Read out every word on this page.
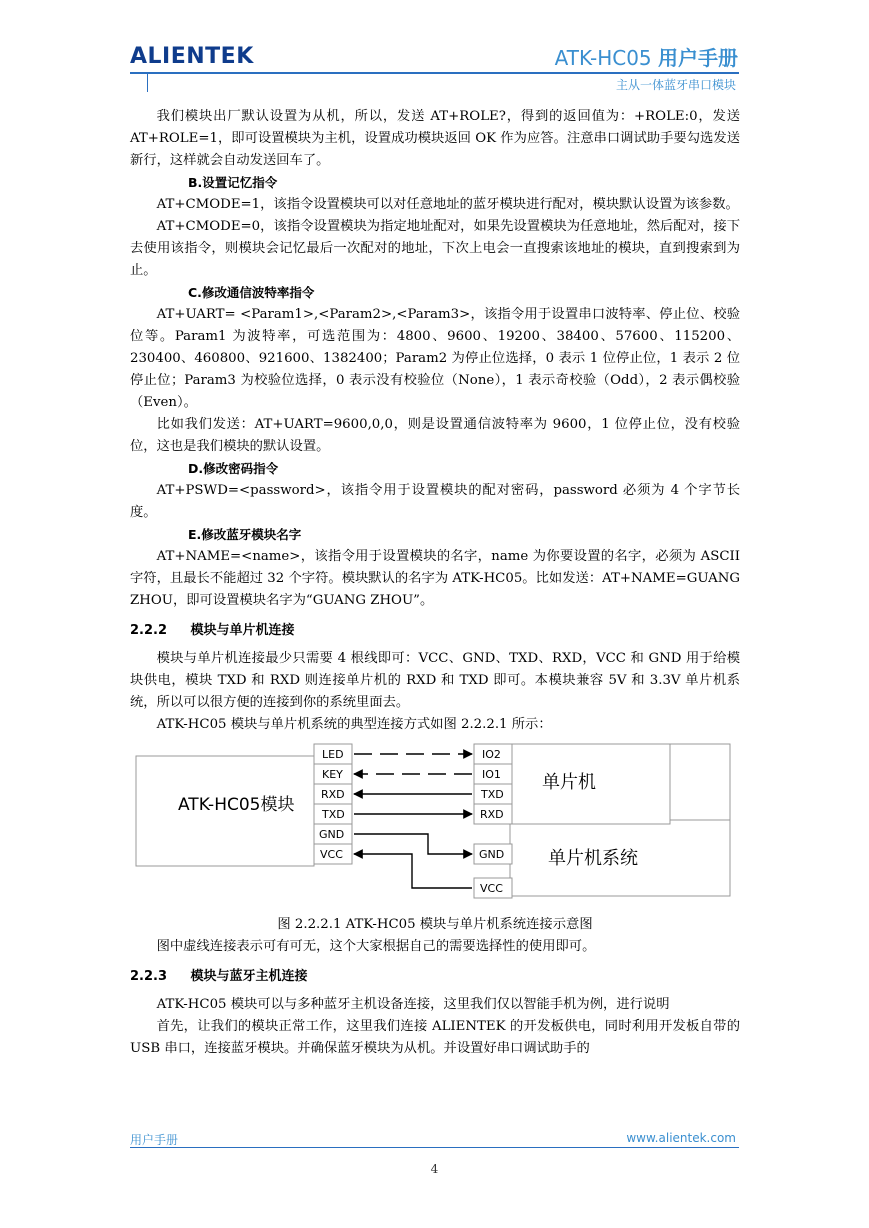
ALIENTEK	ATK-HC05 用户手册
主从一体蓝牙串口模块

我们模块出厂默认设置为从机，所以，发送 AT+ROLE?，得到的返回值为：+ROLE:0，发送 AT+ROLE=1，即可设置模块为主机，设置成功模块返回 OK 作为应答。注意串口调试助手要勾选发送新行，这样就会自动发送回车了。

B.设置记忆指令

AT+CMODE=1，该指令设置模块可以对任意地址的蓝牙模块进行配对，模块默认设置为该参数。

AT+CMODE=0，该指令设置模块为指定地址配对，如果先设置模块为任意地址，然后配对，接下去使用该指令，则模块会记忆最后一次配对的地址，下次上电会一直搜索该地址的模块，直到搜索到为止。

C.修改通信波特率指令

AT+UART= <Param1>,<Param2>,<Param3>，该指令用于设置串口波特率、停止位、校验位等。Param1 为波特率，可选范围为：4800、9600、19200、38400、57600、115200、230400、460800、921600、1382400；Param2 为停止位选择，0 表示 1 位停止位，1 表示 2 位停止位；Param3 为校验位选择，0 表示没有校验位（None），1 表示奇校验（Odd），2 表示偶校验（Even）。

比如我们发送：AT+UART=9600,0,0，则是设置通信波特率为 9600，1 位停止位，没有校验位，这也是我们模块的默认设置。

D.修改密码指令

AT+PSWD=<password>，该指令用于设置模块的配对密码，password 必须为 4 个字节长度。

E.修改蓝牙模块名字

AT+NAME=<name>，该指令用于设置模块的名字，name 为你要设置的名字，必须为 ASCII 字符，且最长不能超过 32 个字符。模块默认的名字为 ATK-HC05。比如发送：AT+NAME=GUANG ZHOU，即可设置模块名字为“GUANG ZHOU”。

2.2.2 模块与单片机连接

模块与单片机连接最少只需要 4 根线即可：VCC、GND、TXD、RXD，VCC 和 GND 用于给模块供电，模块 TXD 和 RXD 则连接单片机的 RXD 和 TXD 即可。本模块兼容 5V 和 3.3V 单片机系统，所以可以很方便的连接到你的系统里面去。

ATK-HC05 模块与单片机系统的典型连接方式如图 2.2.2.1 所示：

LED
KEY
RXD
TXD
GND
VCC
IO2
IO1
TXD
RXD
GND
VCC
ATK-HC05模块
单片机
单片机系统

图 2.2.2.1 ATK-HC05 模块与单片机系统连接示意图

图中虚线连接表示可有可无，这个大家根据自己的需要选择性的使用即可。

2.2.3 模块与蓝牙主机连接

ATK-HC05 模块可以与多种蓝牙主机设备连接，这里我们仅以智能手机为例，进行说明

首先，让我们的模块正常工作，这里我们连接 ALIENTEK 的开发板供电，同时利用开发板自带的 USB 串口，连接蓝牙模块。并确保蓝牙模块为从机。并设置好串口调试助手的

用户手册	www.alientek.com
4
